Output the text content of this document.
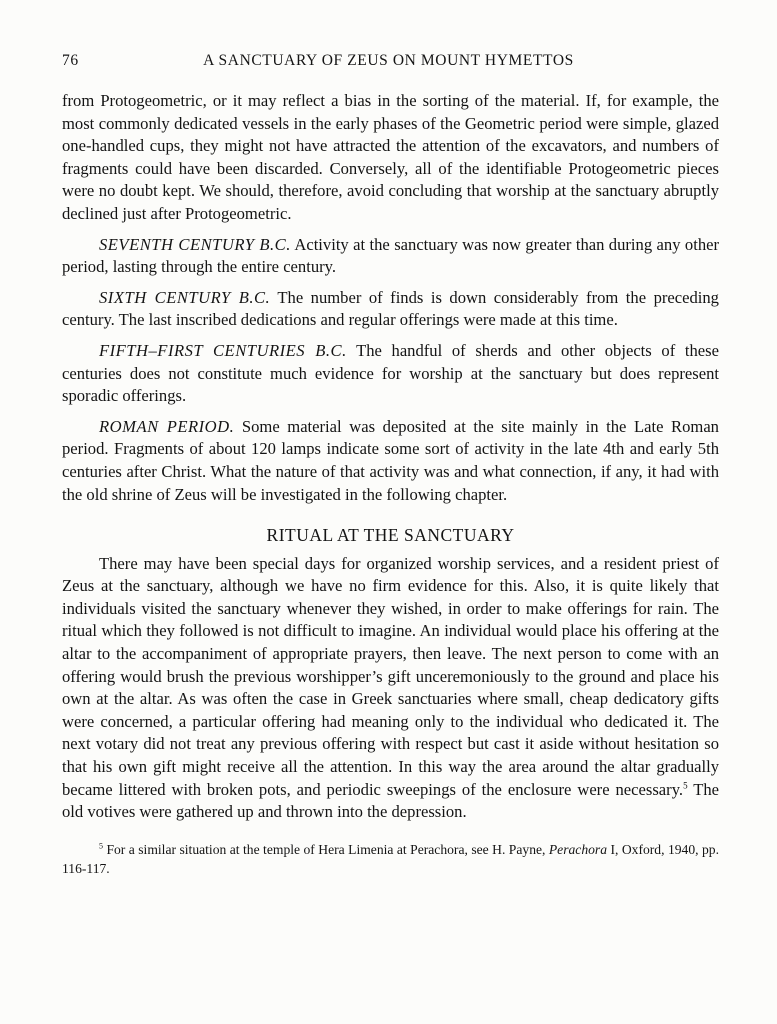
76	A SANCTUARY OF ZEUS ON MOUNT HYMETTOS

from Protogeometric, or it may reflect a bias in the sorting of the material. If, for example, the most commonly dedicated vessels in the early phases of the Geometric period were simple, glazed one-handled cups, they might not have attracted the attention of the excavators, and numbers of fragments could have been discarded. Conversely, all of the identifiable Protogeometric pieces were no doubt kept. We should, therefore, avoid concluding that worship at the sanctuary abruptly declined just after Protogeometric.

SEVENTH CENTURY B.C. Activity at the sanctuary was now greater than during any other period, lasting through the entire century.

SIXTH CENTURY B.C. The number of finds is down considerably from the preceding century. The last inscribed dedications and regular offerings were made at this time.

FIFTH–FIRST CENTURIES B.C. The handful of sherds and other objects of these centuries does not constitute much evidence for worship at the sanctuary but does represent sporadic offerings.

ROMAN PERIOD. Some material was deposited at the site mainly in the Late Roman period. Fragments of about 120 lamps indicate some sort of activity in the late 4th and early 5th centuries after Christ. What the nature of that activity was and what connection, if any, it had with the old shrine of Zeus will be investigated in the following chapter.

RITUAL AT THE SANCTUARY

There may have been special days for organized worship services, and a resident priest of Zeus at the sanctuary, although we have no firm evidence for this. Also, it is quite likely that individuals visited the sanctuary whenever they wished, in order to make offerings for rain. The ritual which they followed is not difficult to imagine. An individual would place his offering at the altar to the accompaniment of appropriate prayers, then leave. The next person to come with an offering would brush the previous worshipper’s gift unceremoniously to the ground and place his own at the altar. As was often the case in Greek sanctuaries where small, cheap dedicatory gifts were concerned, a particular offering had meaning only to the individual who dedicated it. The next votary did not treat any previous offering with respect but cast it aside without hesitation so that his own gift might receive all the attention. In this way the area around the altar gradually became littered with broken pots, and periodic sweepings of the enclosure were necessary.$^5$ The old votives were gathered up and thrown into the depression.

$^5$ For a similar situation at the temple of Hera Limenia at Perachora, see H. Payne, Perachora I, Oxford, 1940, pp. 116-117.
